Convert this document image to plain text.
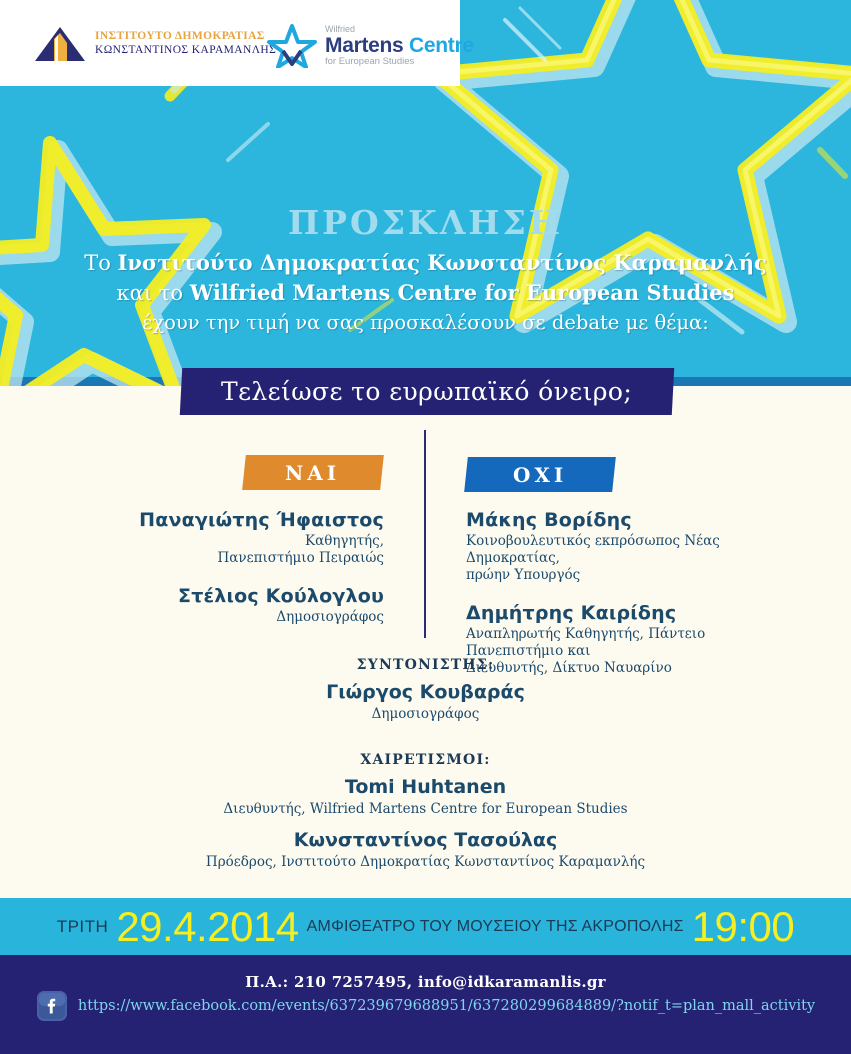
ΙΝΣΤΙΤΟΥΤΟ ΔΗΜΟΚΡΑΤΙΑΣ
ΚΩΝΣΤΑΝΤΙΝΟΣ ΚΑΡΑΜΑΝΛΗΣ
Wilfried
Martens Centre
for European Studies
ΠΡΟΣΚΛΗΣΗ
Το Ινστιτούτο Δημοκρατίας Κωνσταντίνος Καραμανλής
και το Wilfried Martens Centre for European Studies
έχουν την τιμή να σας προσκαλέσουν σε debate με θέμα:
Τελείωσε το ευρωπαϊκό όνειρο;
ΝΑΙ
Παναγιώτης Ήφαιστος
Καθηγητής,
Πανεπιστήμιο Πειραιώς
Στέλιος Κούλογλου
Δημοσιογράφος
ΟΧΙ
Μάκης Βορίδης
Κοινοβουλευτικός εκπρόσωπος Νέας Δημοκρατίας,
πρώην Υπουργός
Δημήτρης Καιρίδης
Αναπληρωτής Καθηγητής, Πάντειο Πανεπιστήμιο και
Διευθυντής, Δίκτυο Ναυαρίνο
ΣΥΝΤΟΝΙΣΤΗΣ:
Γιώργος Κουβαράς
Δημοσιογράφος
ΧΑΙΡΕΤΙΣΜΟΙ:
Tomi Huhtanen
Διευθυντής, Wilfried Martens Centre for European Studies
Κωνσταντίνος Τασούλας
Πρόεδρος, Ινστιτούτο Δημοκρατίας Κωνσταντίνος Καραμανλής
ΤΡΙΤΗ 29.4.2014 ΑΜΦΙΘΕΑΤΡΟ ΤΟΥ ΜΟΥΣΕΙΟΥ ΤΗΣ ΑΚΡΟΠΟΛΗΣ 19:00
Π.Α.: 210 7257495, info@idkaramanlis.gr
https://www.facebook.com/events/637239679688951/637280299684889/?notif_t=plan_mall_activity
